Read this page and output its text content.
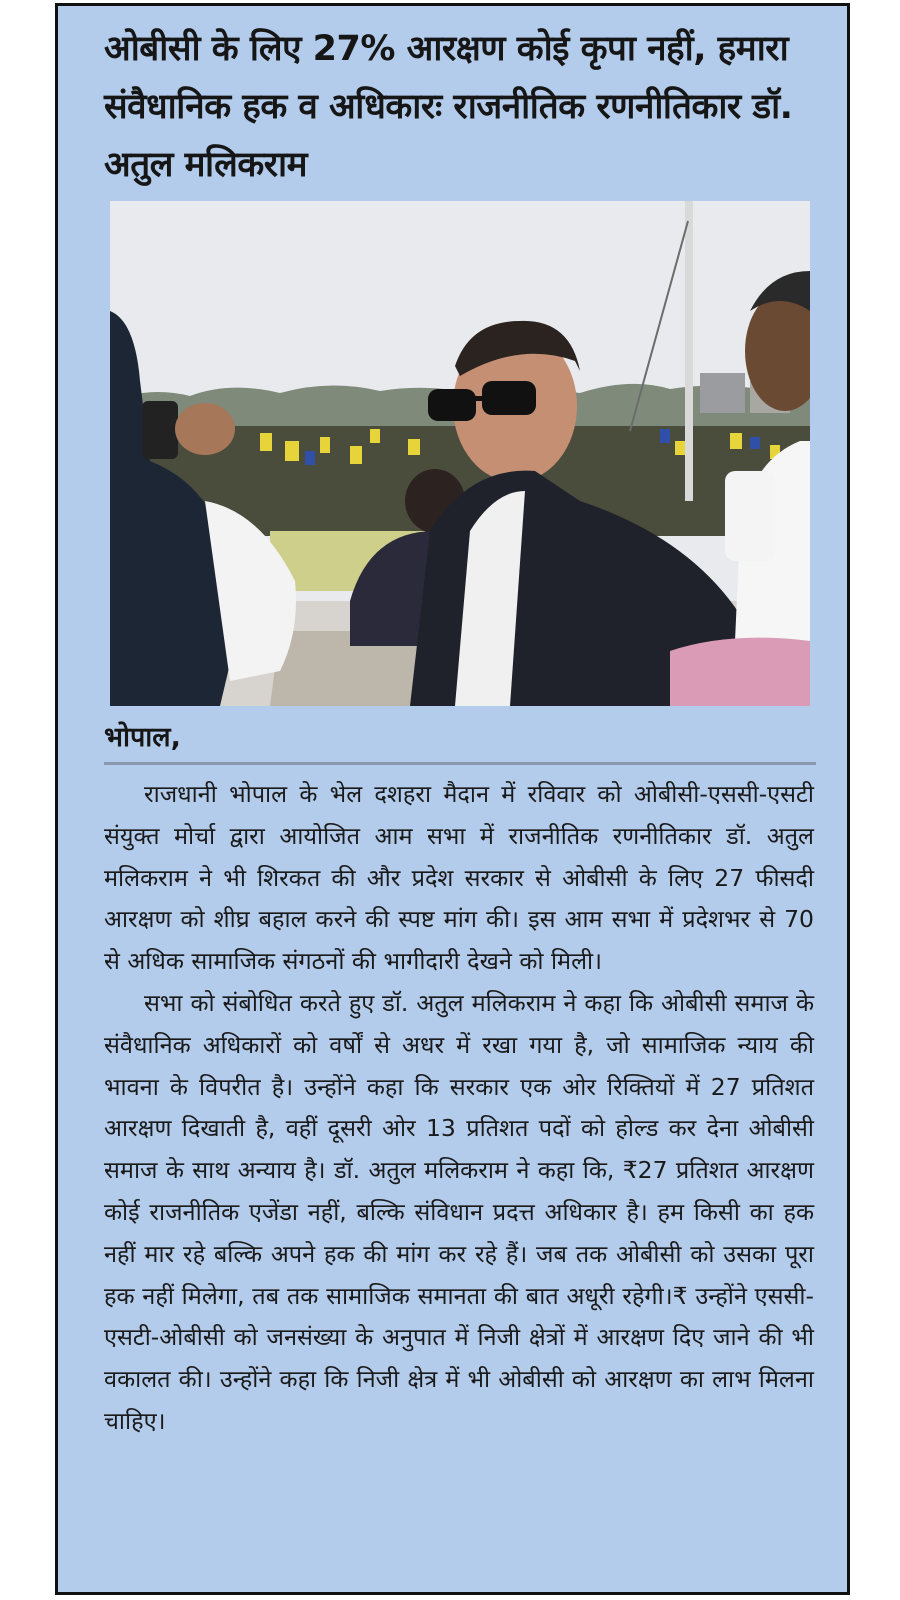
ओबीसी के लिए 27% आरक्षण कोई कृपा नहीं, हमारा संवैधानिक हक व अधिकारः राजनीतिक रणनीतिकार डॉ. अतुल मलिकराम

भोपाल,

राजधानी भोपाल के भेल दशहरा मैदान में रविवार को ओबीसी-एससी-एसटी संयुक्त मोर्चा द्वारा आयोजित आम सभा में राजनीतिक रणनीतिकार डॉ. अतुल मलिकराम ने भी शिरकत की और प्रदेश सरकार से ओबीसी के लिए 27 फीसदी आरक्षण को शीघ्र बहाल करने की स्पष्ट मांग की। इस आम सभा में प्रदेशभर से 70 से अधिक सामाजिक संगठनों की भागीदारी देखने को मिली।

सभा को संबोधित करते हुए डॉ. अतुल मलिकराम ने कहा कि ओबीसी समाज के संवैधानिक अधिकारों को वर्षों से अधर में रखा गया है, जो सामाजिक न्याय की भावना के विपरीत है। उन्होंने कहा कि सरकार एक ओर रिक्तियों में 27 प्रतिशत आरक्षण दिखाती है, वहीं दूसरी ओर 13 प्रतिशत पदों को होल्ड कर देना ओबीसी समाज के साथ अन्याय है। डॉ. अतुल मलिकराम ने कहा कि, ₹27 प्रतिशत आरक्षण कोई राजनीतिक एजेंडा नहीं, बल्कि संविधान प्रदत्त अधिकार है। हम किसी का हक नहीं मार रहे बल्कि अपने हक की मांग कर रहे हैं। जब तक ओबीसी को उसका पूरा हक नहीं मिलेगा, तब तक सामाजिक समानता की बात अधूरी रहेगी।₹ उन्होंने एससी-एसटी-ओबीसी को जनसंख्या के अनुपात में निजी क्षेत्रों में आरक्षण दिए जाने की भी वकालत की। उन्होंने कहा कि निजी क्षेत्र में भी ओबीसी को आरक्षण का लाभ मिलना चाहिए।
